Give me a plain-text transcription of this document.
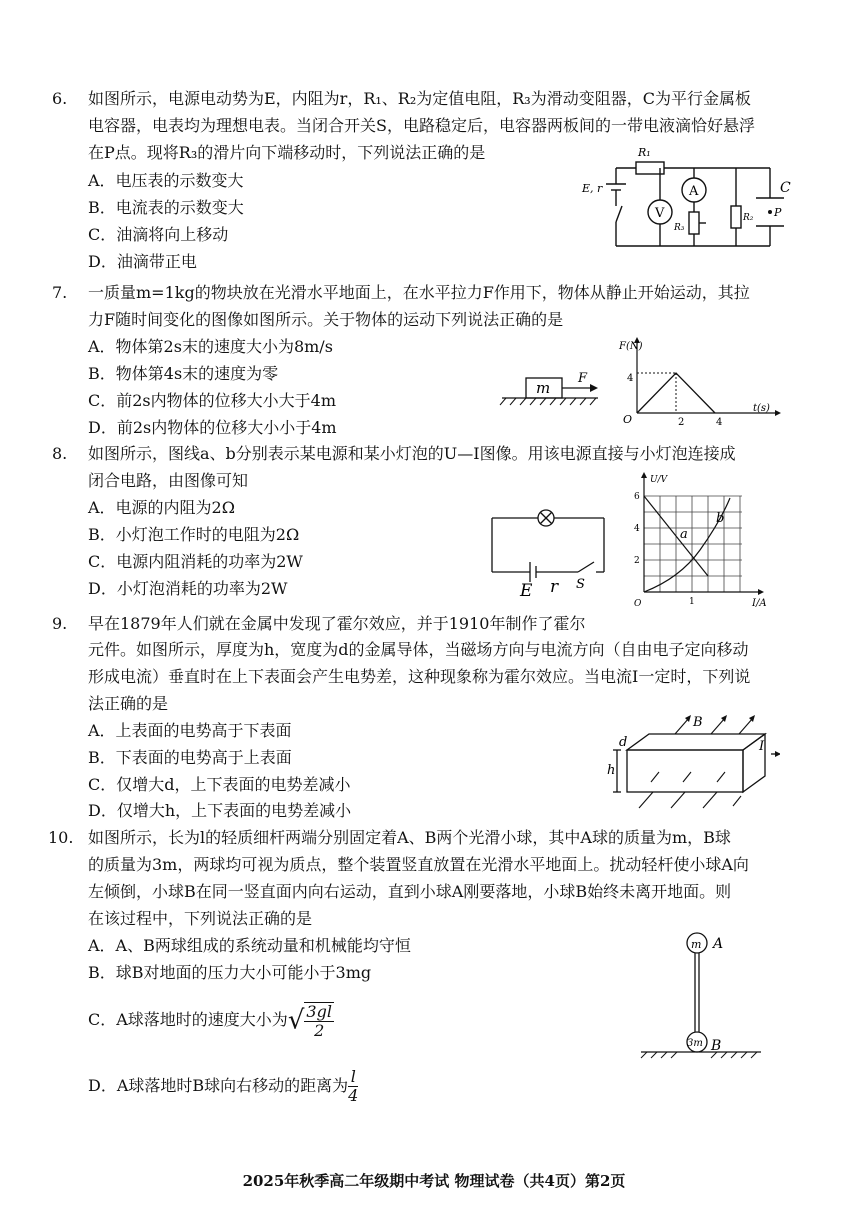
6. 如图所示，电源电动势为E，内阻为r，R₁、R₂为定值电阻，R₃为滑动变阻器，C为平行金属板
电容器，电表均为理想电表。当闭合开关S，电路稳定后，电容器两板间的一带电液滴恰好悬浮
在P点。现将R₃的滑片向下端移动时，下列说法正确的是
A．电压表的示数变大
B．电流表的示数变大
C．油滴将向上移动
D．油滴带正电
R₁
E, r
V
A
R₃
R₂
C
P
7. 一质量m=1kg的物块放在光滑水平地面上，在水平拉力F作用下，物体从静止开始运动，其拉
力F随时间变化的图像如图所示。关于物体的运动下列说法正确的是
A．物体第2s末的速度大小为8m/s
B．物体第4s末的速度为零
C．前2s内物体的位移大小大于4m
D．前2s内物体的位移大小小于4m
m
F
F(N)
t(s)
O
4
2	4
8. 如图所示，图线a、b分别表示某电源和某小灯泡的U—I图像。用该电源直接与小灯泡连接成
闭合电路，由图像可知
A．电源的内阻为2Ω
B．小灯泡工作时的电阻为2Ω
C．电源内阻消耗的功率为2W
D．小灯泡消耗的功率为2W	E r S
U/V
I/A
O
6
4
2
1
a
b
9. 早在1879年人们就在金属中发现了霍尔效应，并于1910年制作了霍尔
元件。如图所示，厚度为h，宽度为d的金属导体，当磁场方向与电流方向（自由电子定向移动
形成电流）垂直时在上下表面会产生电势差，这种现象称为霍尔效应。当电流I一定时，下列说
法正确的是
A．上表面的电势高于下表面
B．下表面的电势高于上表面
C．仅增大d，上下表面的电势差减小
D．仅增大h，上下表面的电势差减小
B
d
h
I
10. 如图所示，长为l的轻质细杆两端分别固定着A、B两个光滑小球，其中A球的质量为m，B球
的质量为3m，两球均可视为质点，整个装置竖直放置在光滑水平地面上。扰动轻杆使小球A向
左倾倒，小球B在同一竖直面内向右运动，直到小球A刚要落地，小球B始终未离开地面。则
在该过程中，下列说法正确的是
A．A、B两球组成的系统动量和机械能均守恒
B．球B对地面的压力大小可能小于3mg
C．A球落地时的速度大小为√ $\frac{3gl}{2}$
D．A球落地时B球向右移动的距离为 $\frac{l}{4}$
m A
3m B
2025年秋季高二年级期中考试 物理试卷（共4页）第2页
